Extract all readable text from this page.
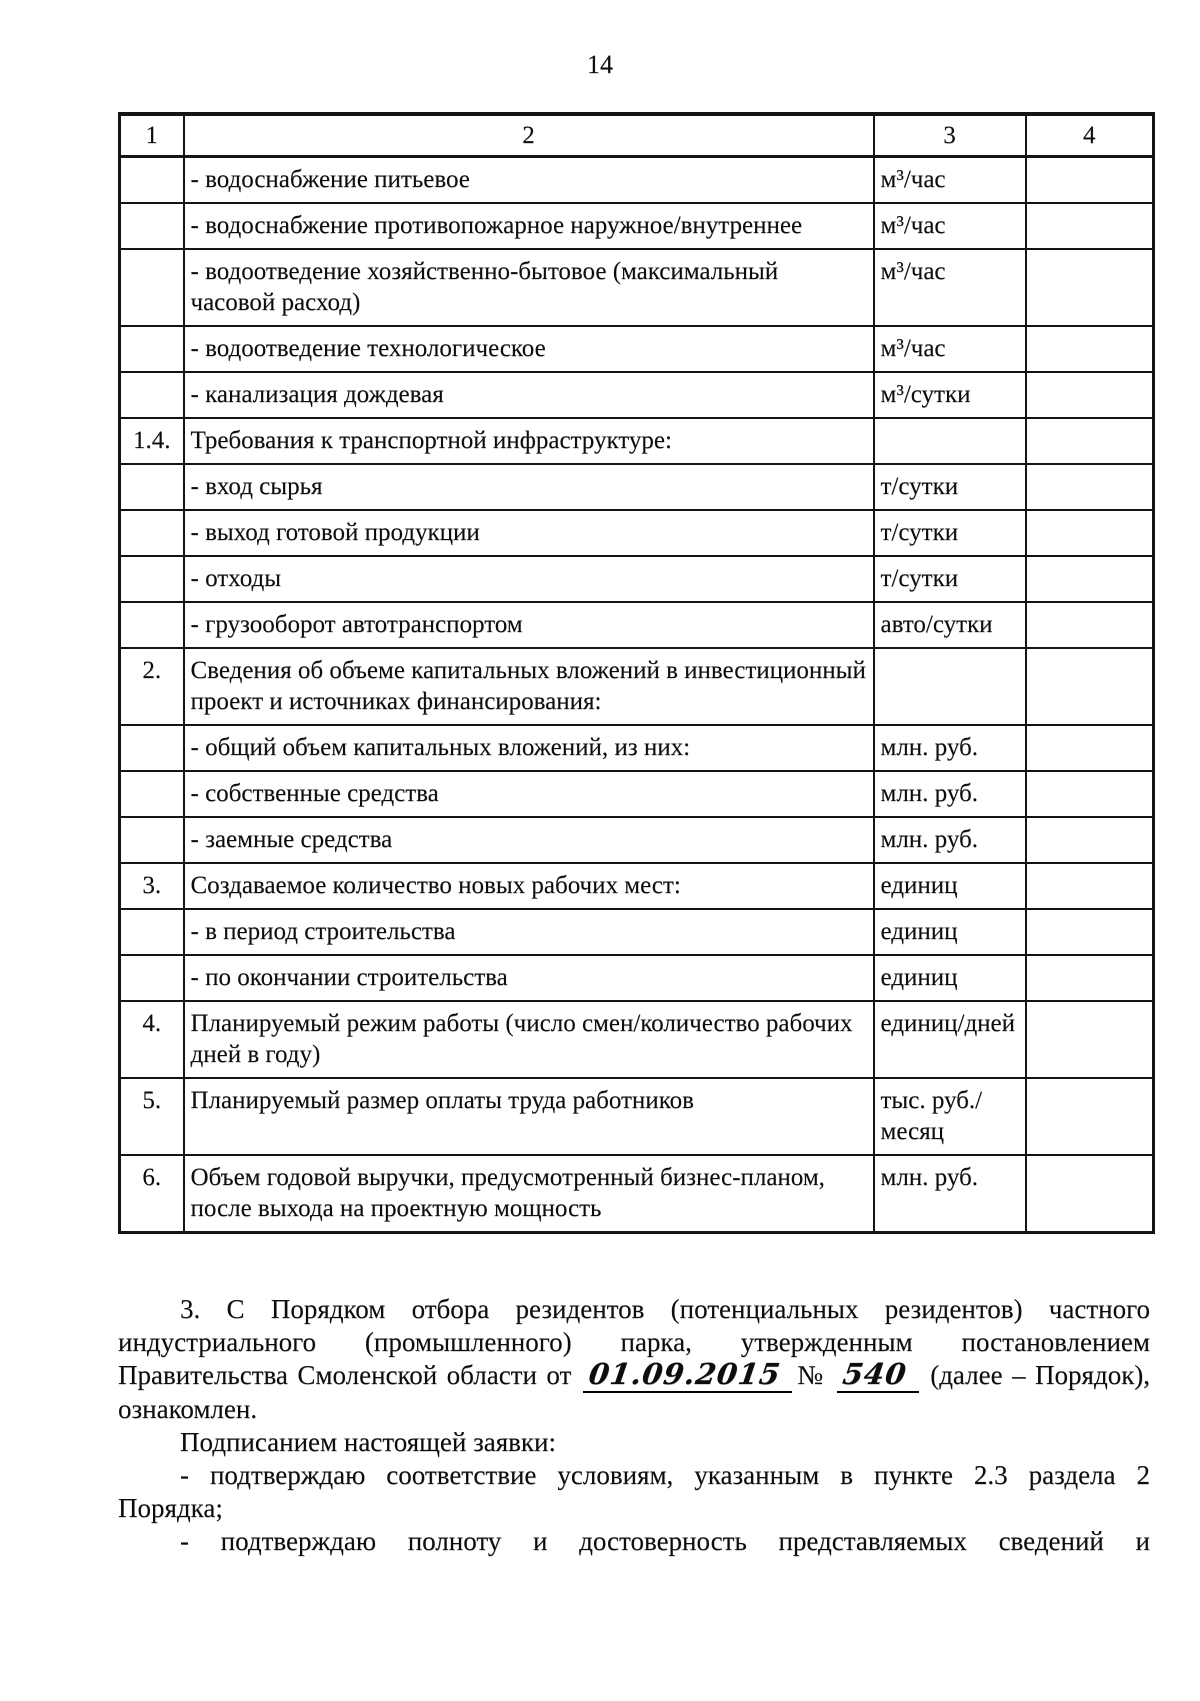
14
1	2	3	4
	- водоснабжение питьевое	м³/час	
	- водоснабжение противопожарное наружное/внутреннее	м³/час	
	- водоотведение хозяйственно-бытовое (максимальный часовой расход)	м³/час	
	- водоотведение технологическое	м³/час	
	- канализация дождевая	м³/сутки	
1.4.	Требования к транспортной инфраструктуре:		
	- вход сырья	т/сутки	
	- выход готовой продукции	т/сутки	
	- отходы	т/сутки	
	- грузооборот автотранспортом	авто/сутки	
2.	Сведения об объеме капитальных вложений в инвестиционный проект и источниках финансирования:		
	- общий объем капитальных вложений, из них:	млн. руб.	
	- собственные средства	млн. руб.	
	- заемные средства	млн. руб.	
3.	Создаваемое количество новых рабочих мест:	единиц	
	- в период строительства	единиц	
	- по окончании строительства	единиц	
4.	Планируемый режим работы (число смен/количество рабочих дней в году)	единиц/дней	
5.	Планируемый размер оплаты труда работников	тыс. руб./месяц	
6.	Объем годовой выручки, предусмотренный бизнес-планом, после выхода на проектную мощность	млн. руб.	
3. С Порядком отбора резидентов (потенциальных резидентов) частного
индустриального (промышленного) парка, утвержденным постановлением
Правительства Смоленской области от 01.09.2015 № 540 (далее – Порядок),
ознакомлен.
Подписанием настоящей заявки:
- подтверждаю соответствие условиям, указанным в пункте 2.3 раздела 2
Порядка;
- подтверждаю полноту и достоверность представляемых сведений и
